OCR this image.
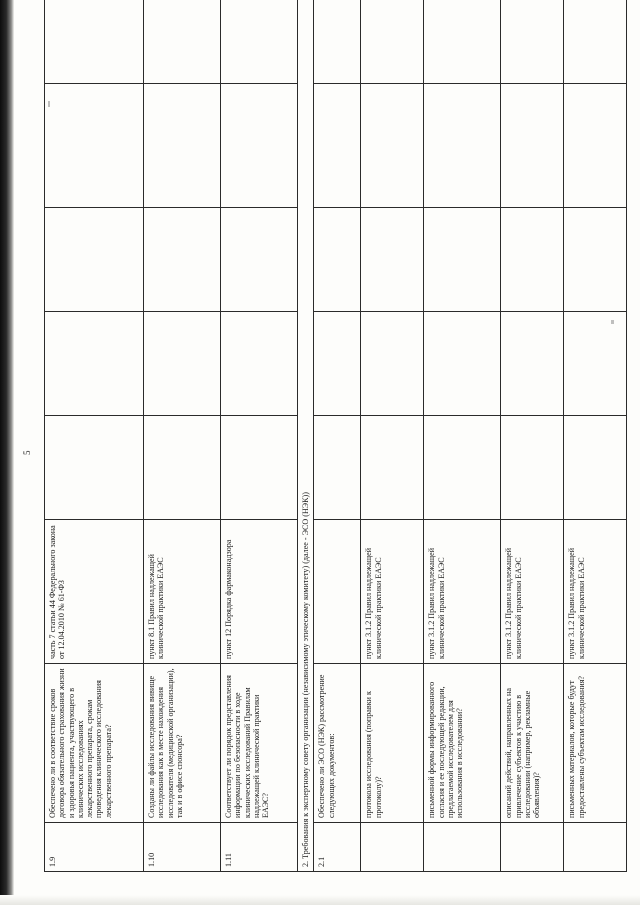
5
1.9	Обеспечено ли в соответствие сроков договора обязательного страхования жизни и здоровья пациента, участвующего в клинических исследованиях лекарственного препарата, срокам проведения клинического исследования лекарственного препарата?	часть 7 статьи 44 Федерального закона от 12.04.2010 № 61-ФЗ					
1.10	Созданы ли файлы исследования вивище исследования как в месте нахождения исследователя (медицинской организации), так и в офисе спонсора?	пункт 8.1 Правил надлежащей клинической практики ЕАЭС					
1.11	Соответствует ли порядок представления информации по безопасности в ходе клинических исследований Правилам надлежащей клинической практики ЕАЭС?	пункт 12 Порядка фармаконадзора					
2. Требования к экспертному совету организации (независимому этическому комитету) (далее - ЭСО (НЭК))							
2.1	Обеспечено ли ЭСО (НЭК) рассмотрение следующих документов:						
	протокола исследования (поправки к протоколу)?	пункт 3.1.2 Правил надлежащей клинической практики ЕАЭС					
	письменной формы информированного согласия и ее последующей редакции, предлагаемой исследователем для использования в исследовании?	пункт 3.1.2 Правил надлежащей клинической практики ЕАЭС					
	описаний действий, направленных на привлечение субъектов к участию в исследовании (например, рекламные объявления)?	пункт 3.1.2 Правил надлежащей клинической практики ЕАЭС					
	письменных материалов, которые будут предоставлены субъектам исследования?	пункт 3.1.2 Правил надлежащей клинической практики ЕАЭС					
